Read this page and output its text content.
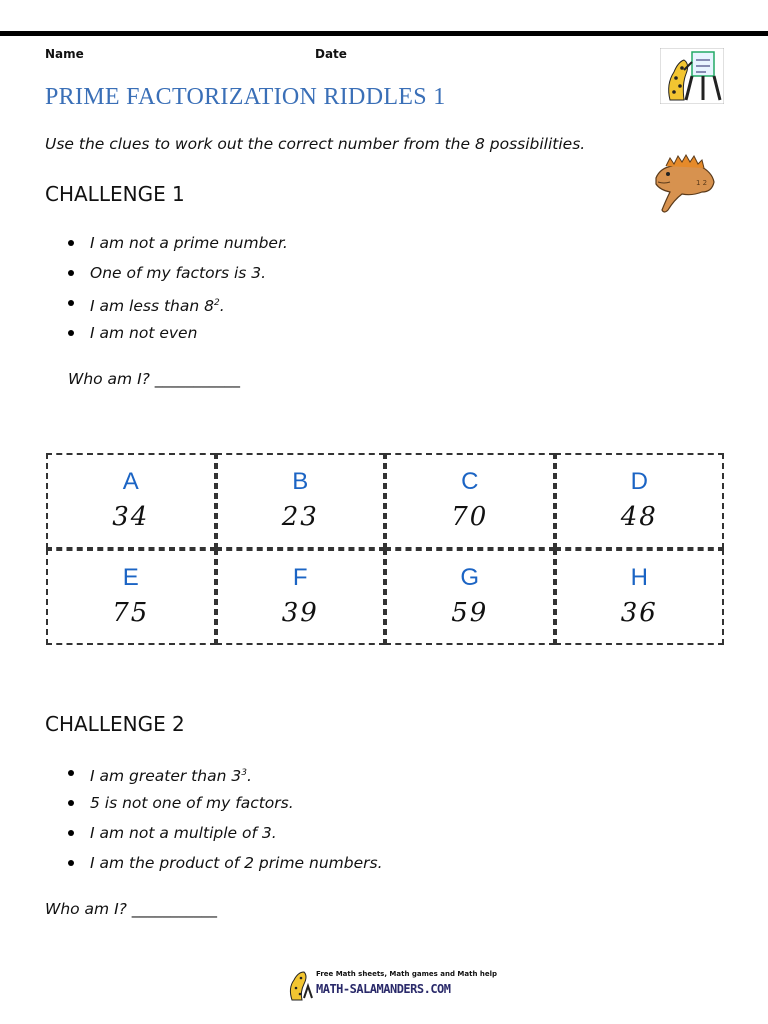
Name	Date
PRIME FACTORIZATION RIDDLES 1

Use the clues to work out the correct number from the 8 possibilities.

1 2
CHALLENGE 1
I am not a prime number.
One of my factors is 3.
I am less than $8^2$.
I am not even

Who am I? ___________

A
34
B
23
C
70
D
48
E
75
F
39
G
59
H
36
CHALLENGE 2
I am greater than $3^3$.
5 is not one of my factors.
I am not a multiple of 3.
I am the product of 2 prime numbers.

Who am I? ___________

Free Math sheets, Math games and Math help
MATH-SALAMANDERS.COM
